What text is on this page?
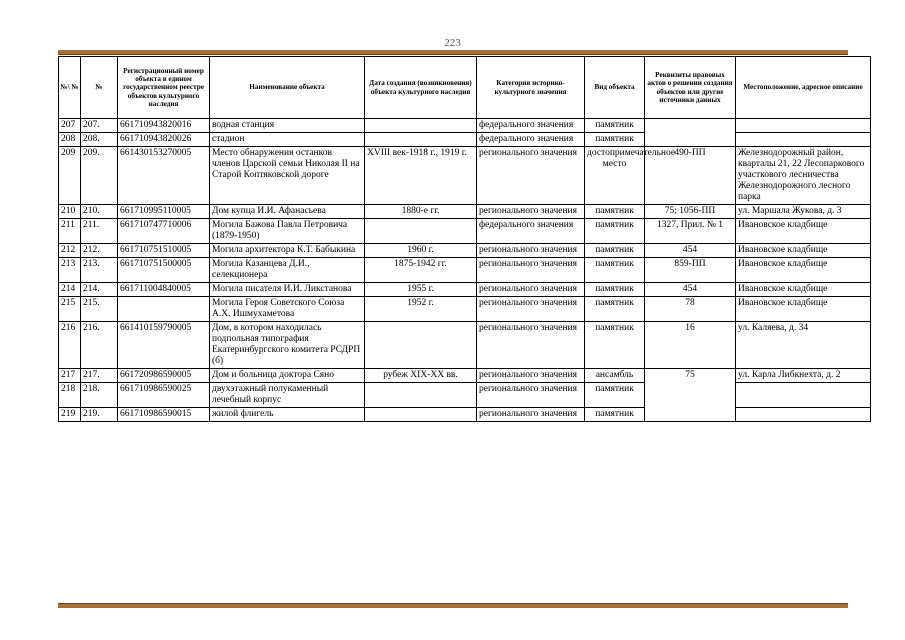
223
№\ №	№	Регистрационный номер объекта в едином государственном реестре объектов культурного наследия	Наименование объекта	Дата создания (возникновения) объекта культурного наследия	Категория историко-культурного значения	Вид объекта	Реквизиты правовых актов о решении создания объектов или другие источники данных	Местоположение, адресное описание
207	207.	661710943820016	водная станция		федерального значения	памятник		
208	208.	661710943820026	стадион		федерального значения	памятник		
209	209.	661430153270005	Место обнаружения останков членов Царской семьи Николая II на Старой Коптяковской дороге	XVIII век-1918 г., 1919 г.	регионального значения	достопримечательное место	490-ПП	Железнодорожный район, кварталы 21, 22 Лесопаркового участкового лесничества Железнодорожного лесного парка
210	210.	661710995110005	Дом купца И.И. Афанасьева	1880-е гг.	регионального значения	памятник	75; 1056-ПП	ул. Маршала Жукова, д. 3
211	211.	661710747710006	Могила Бажова Павла Петровича (1879-1950)		федерального значения	памятник	1327, Прил. № 1	Ивановское кладбище
212	212.	661710751510005	Могила архитектора К.Т. Бабыкина	1960 г.	регионального значения	памятник	454	Ивановское кладбище
213	213.	661710751500005	Могила Казанцева Д.И., селекционера	1875-1942 гг.	регионального значения	памятник	859-ПП	Ивановское кладбище
214	214.	661711004840005	Могила писателя И.И. Ликстанова	1955 г.	регионального значения	памятник	454	Ивановское кладбище
215	215.		Могила Героя Советского Союза А.Х. Ишмухаметова	1952 г.	регионального значения	памятник	78	Ивановское кладбище
216	216.	661410159790005	Дом, в котором находилась подпольная типография Екатеринбургского комитета РСДРП (б)		регионального значения	памятник	16	ул. Каляева, д. 34
217	217.	661720986590005	Дом и больница доктора Сяно	рубеж XIX-XX вв.	регионального значения	ансамбль	75	ул. Карла Либкнехта, д. 2
218	218.	661710986590025	двухэтажный полукаменный лечебный корпус		регионального значения	памятник		
219	219.	661710986590015	жилой флигель		регионального значения	памятник		
